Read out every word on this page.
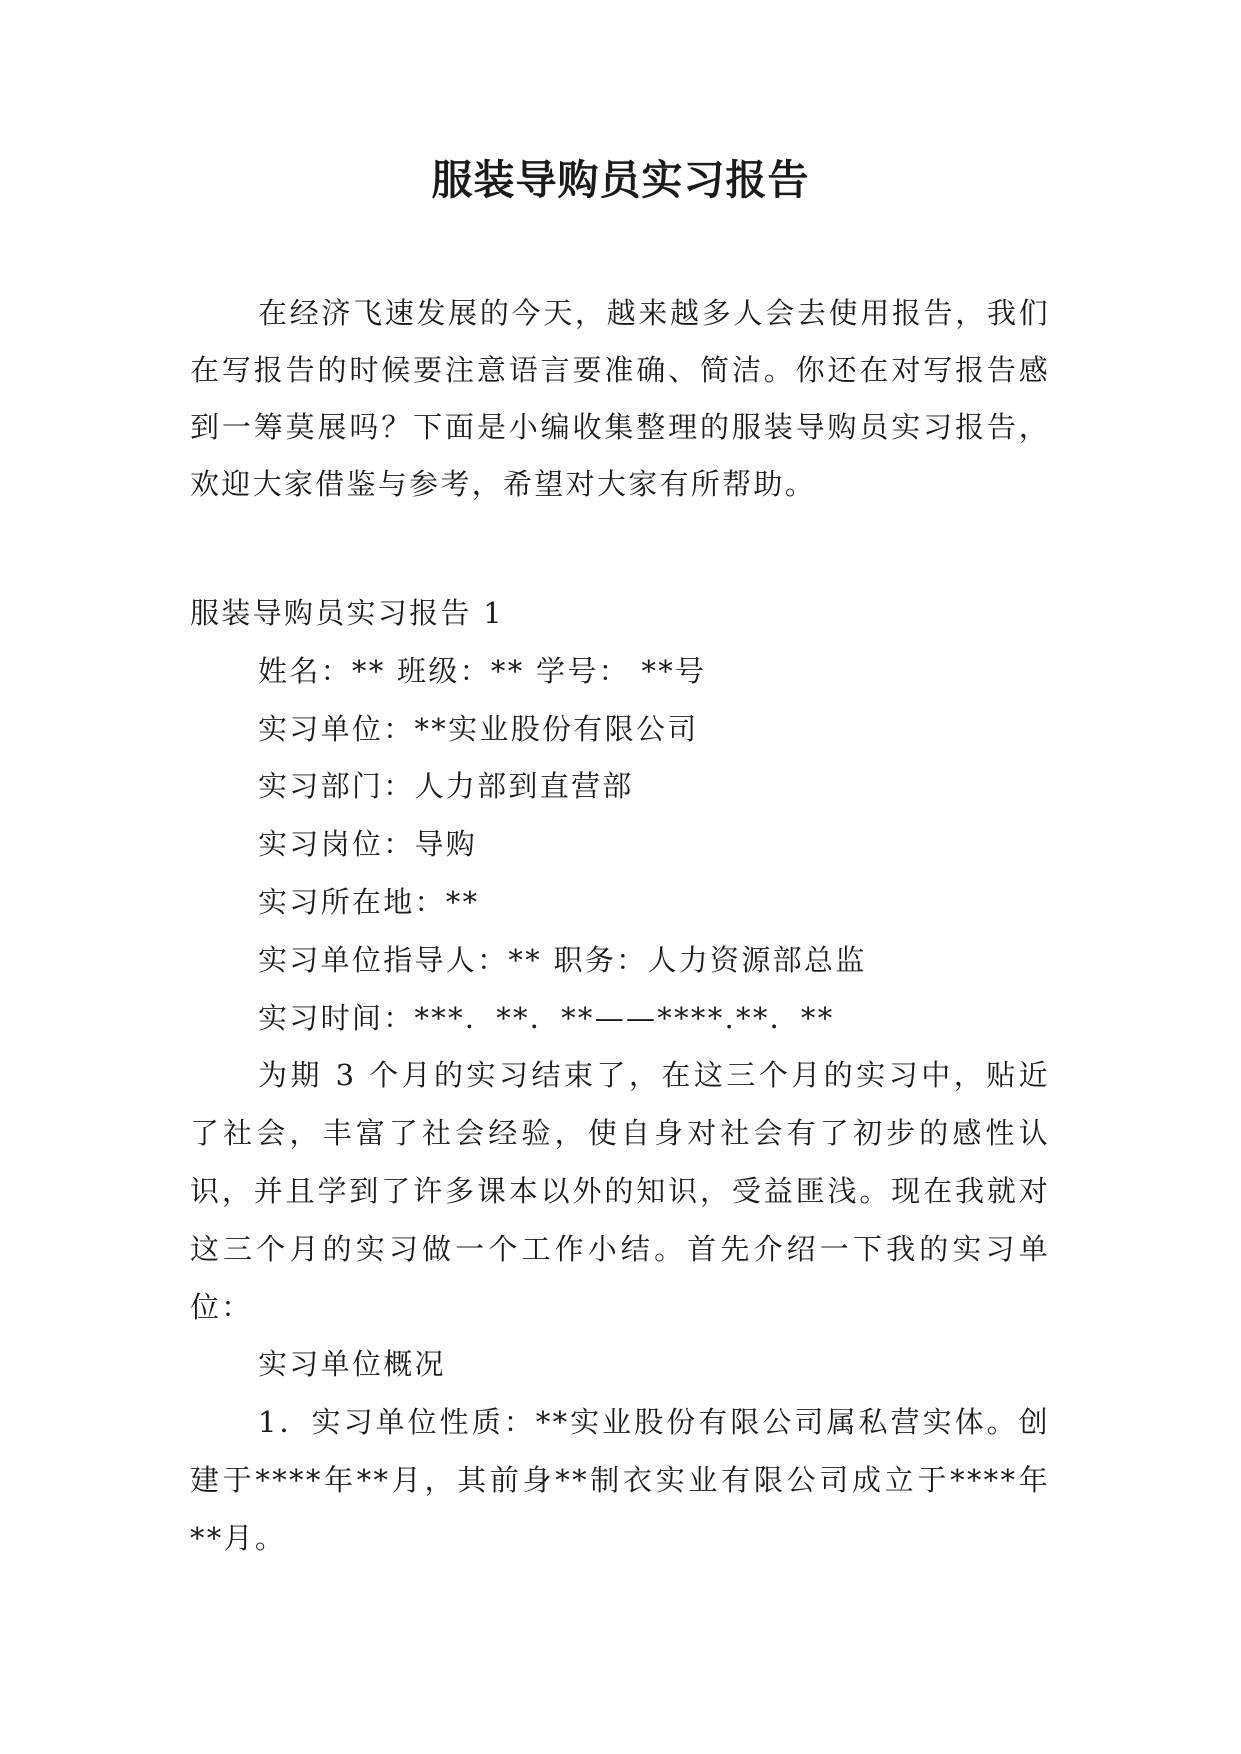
服装导购员实习报告

在经济飞速发展的今天，越来越多人会去使用报告，我们在写报告的时候要注意语言要准确、简洁。你还在对写报告感到一筹莫展吗？下面是小编收集整理的服装导购员实习报告，欢迎大家借鉴与参考，希望对大家有所帮助。

服装导购员实习报告 1

姓名：** 班级：** 学号： **号

实习单位：**实业股份有限公司

实习部门：人力部到直营部

实习岗位：导购

实习所在地：**

实习单位指导人：** 职务：人力资源部总监

实习时间：***．**．**——****.**．**

为期 3 个月的实习结束了，在这三个月的实习中，贴近了社会，丰富了社会经验，使自身对社会有了初步的感性认识，并且学到了许多课本以外的知识，受益匪浅。现在我就对这三个月的实习做一个工作小结。首先介绍一下我的实习单位：

实习单位概况

1．实习单位性质：**实业股份有限公司属私营实体。创建于****年**月，其前身**制衣实业有限公司成立于****年**月。
